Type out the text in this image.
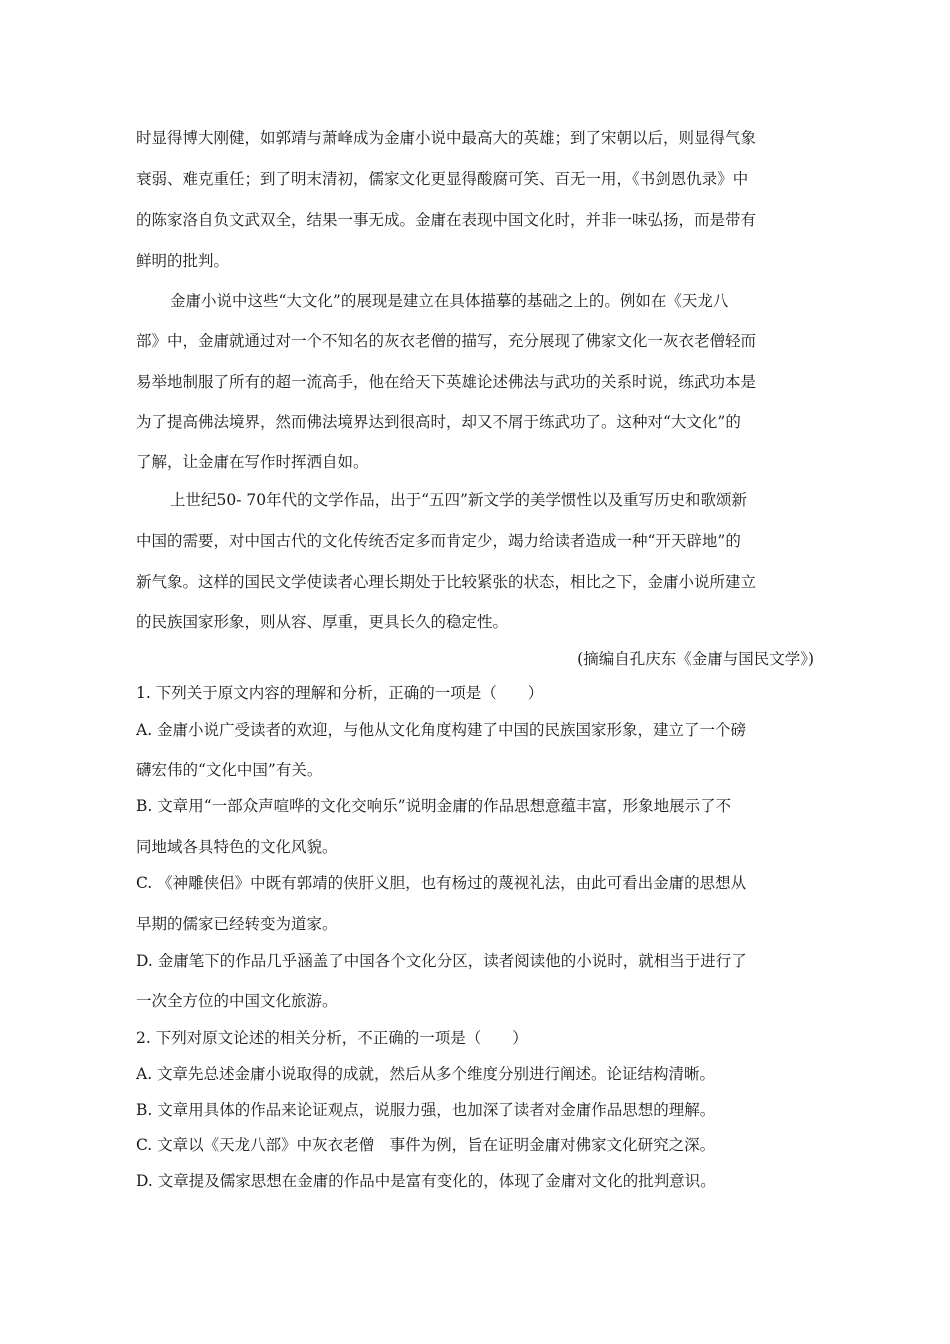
时显得博大刚健，如郭靖与萧峰成为金庸小说中最高大的英雄；到了宋朝以后，则显得气象
衰弱、难克重任；到了明末清初，儒家文化更显得酸腐可笑、百无一用，《书剑恩仇录》中
的陈家洛自负文武双全，结果一事无成。金庸在表现中国文化时，并非一味弘扬，而是带有
鲜明的批判。
金庸小说中这些“大文化”的展现是建立在具体描摹的基础之上的。例如在《天龙八
部》中，金庸就通过对一个不知名的灰衣老僧的描写，充分展现了佛家文化一灰衣老僧轻而
易举地制服了所有的超一流高手，他在给天下英雄论述佛法与武功的关系时说，练武功本是
为了提高佛法境界，然而佛法境界达到很高时，却又不屑于练武功了。这种对“大文化”的
了解，让金庸在写作时挥洒自如。
上世纪50- 70年代的文学作品，出于“五四”新文学的美学惯性以及重写历史和歌颂新
中国的需要，对中国古代的文化传统否定多而肯定少，竭力给读者造成一种“开天辟地”的
新气象。这样的国民文学使读者心理长期处于比较紧张的状态，相比之下，金庸小说所建立
的民族国家形象，则从容、厚重，更具长久的稳定性。
(摘编自孔庆东《金庸与国民文学》)
1. 下列关于原文内容的理解和分析，正确的一项是（　　）
A. 金庸小说广受读者的欢迎，与他从文化角度构建了中国的民族国家形象，建立了一个磅
礴宏伟的“文化中国”有关。
B. 文章用“一部众声喧哗的文化交响乐”说明金庸的作品思想意蕴丰富，形象地展示了不
同地域各具特色的文化风貌。
C. 《神雕侠侣》中既有郭靖的侠肝义胆，也有杨过的蔑视礼法，由此可看出金庸的思想从
早期的儒家已经转变为道家。
D. 金庸笔下的作品几乎涵盖了中国各个文化分区，读者阅读他的小说时，就相当于进行了
一次全方位的中国文化旅游。
2. 下列对原文论述的相关分析，不正确的一项是（　　）
A. 文章先总述金庸小说取得的成就，然后从多个维度分别进行阐述。论证结构清晰。
B. 文章用具体的作品来论证观点，说服力强，也加深了读者对金庸作品思想的理解。
C. 文章以《天龙八部》中灰衣老僧　事件为例，旨在证明金庸对佛家文化研究之深。
D. 文章提及儒家思想在金庸的作品中是富有变化的，体现了金庸对文化的批判意识。
